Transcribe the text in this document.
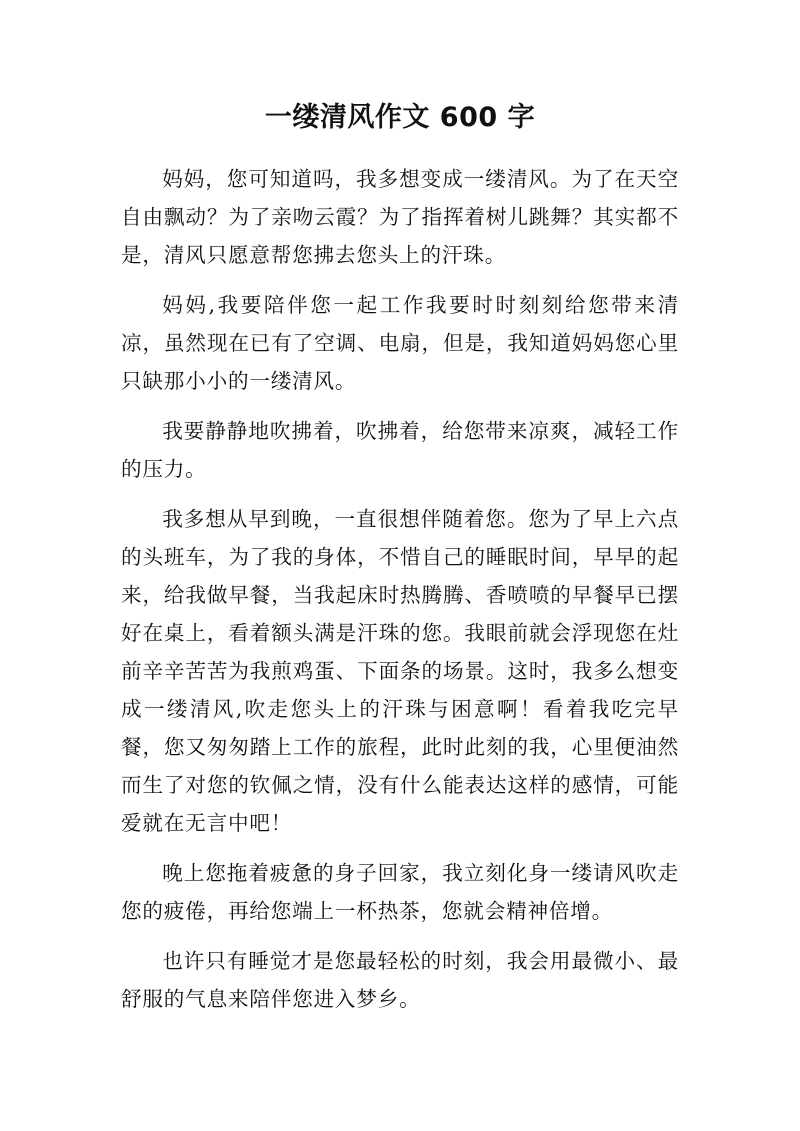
一缕清风作文 600 字

妈妈，您可知道吗，我多想变成一缕清风。为了在天空自由飘动？为了亲吻云霞？为了指挥着树儿跳舞？其实都不是，清风只愿意帮您拂去您头上的汗珠。

妈妈,我要陪伴您一起工作我要时时刻刻给您带来清凉，虽然现在已有了空调、电扇，但是，我知道妈妈您心里只缺那小小的一缕清风。

我要静静地吹拂着，吹拂着，给您带来凉爽，减轻工作的压力。

我多想从早到晚，一直很想伴随着您。您为了早上六点的头班车，为了我的身体，不惜自己的睡眠时间，早早的起来，给我做早餐，当我起床时热腾腾、香喷喷的早餐早已摆好在桌上，看着额头满是汗珠的您。我眼前就会浮现您在灶前辛辛苦苦为我煎鸡蛋、下面条的场景。这时，我多么想变成一缕清风,吹走您头上的汗珠与困意啊！看着我吃完早餐，您又匆匆踏上工作的旅程，此时此刻的我，心里便油然而生了对您的钦佩之情，没有什么能表达这样的感情，可能爱就在无言中吧！

晚上您拖着疲惫的身子回家，我立刻化身一缕请风吹走您的疲倦，再给您端上一杯热茶，您就会精神倍增。

也许只有睡觉才是您最轻松的时刻，我会用最微小、最舒服的气息来陪伴您进入梦乡。
